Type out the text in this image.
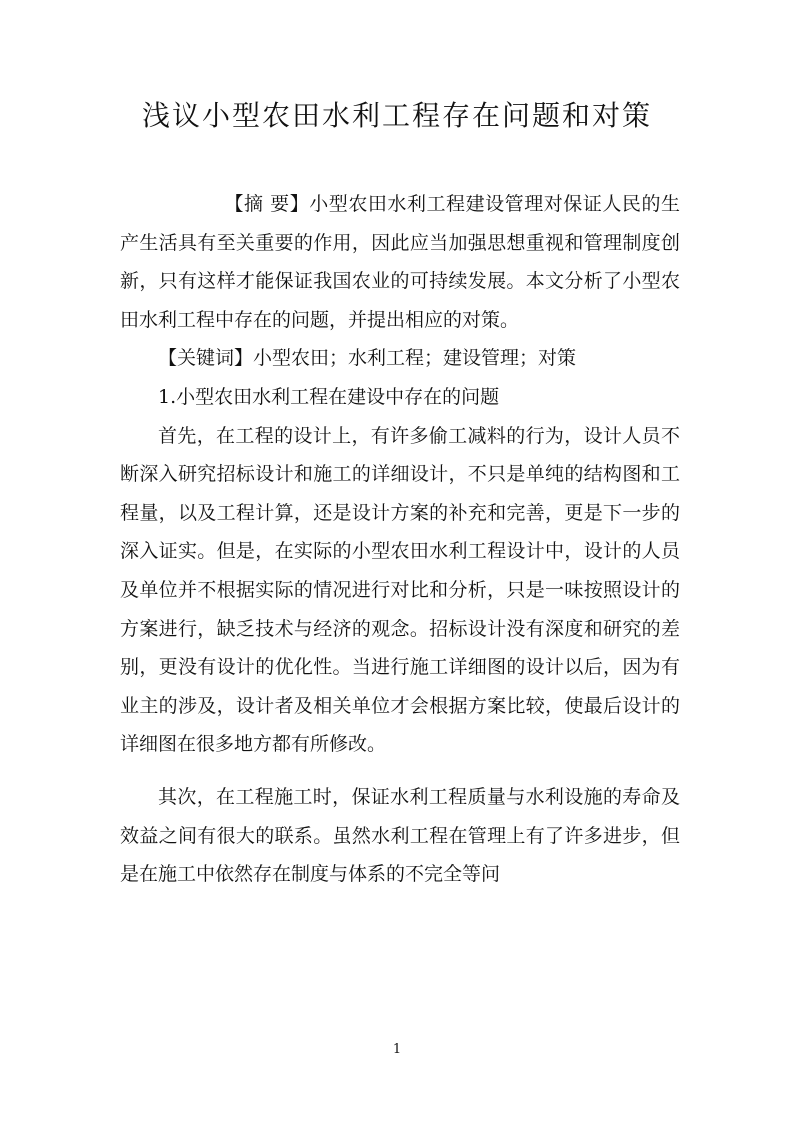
浅议小型农田水利工程存在问题和对策

【摘 要】小型农田水利工程建设管理对保证人民的生产生活具有至关重要的作用，因此应当加强思想重视和管理制度创新，只有这样才能保证我国农业的可持续发展。本文分析了小型农田水利工程中存在的问题，并提出相应的对策。

【关键词】小型农田；水利工程；建设管理；对策

1.小型农田水利工程在建设中存在的问题

首先，在工程的设计上，有许多偷工减料的行为，设计人员不断深入研究招标设计和施工的详细设计，不只是单纯的结构图和工程量，以及工程计算，还是设计方案的补充和完善，更是下一步的深入证实。但是，在实际的小型农田水利工程设计中，设计的人员及单位并不根据实际的情况进行对比和分析，只是一味按照设计的方案进行，缺乏技术与经济的观念。招标设计没有深度和研究的差别，更没有设计的优化性。当进行施工详细图的设计以后，因为有业主的涉及，设计者及相关单位才会根据方案比较，使最后设计的详细图在很多地方都有所修改。

其次，在工程施工时，保证水利工程质量与水利设施的寿命及效益之间有很大的联系。虽然水利工程在管理上有了许多进步，但是在施工中依然存在制度与体系的不完全等问

1
